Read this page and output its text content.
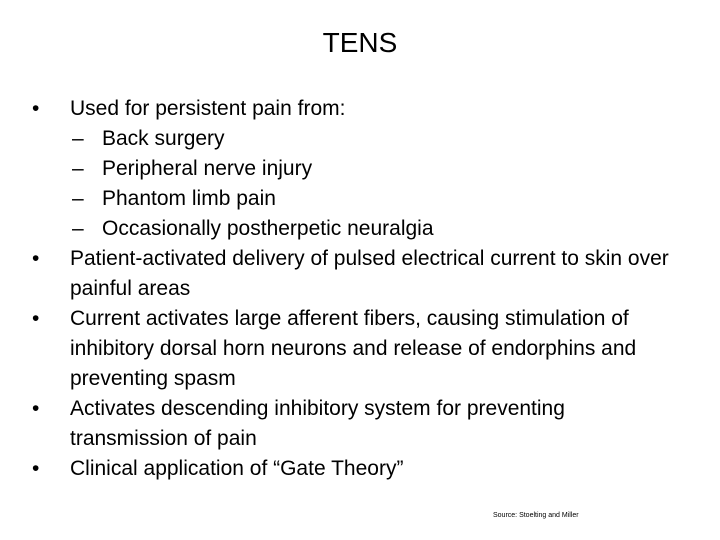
TENS
•	Used for persistent pain from:
– Back surgery
– Peripheral nerve injury
– Phantom limb pain
– Occasionally postherpetic neuralgia
•	Patient-activated delivery of pulsed electrical current to skin over painful areas
•	Current activates large afferent fibers, causing stimulation of inhibitory dorsal horn neurons and release of endorphins and preventing spasm
•	Activates descending inhibitory system for preventing transmission of pain
•	Clinical application of “Gate Theory”
Source: Stoelting and Miller
